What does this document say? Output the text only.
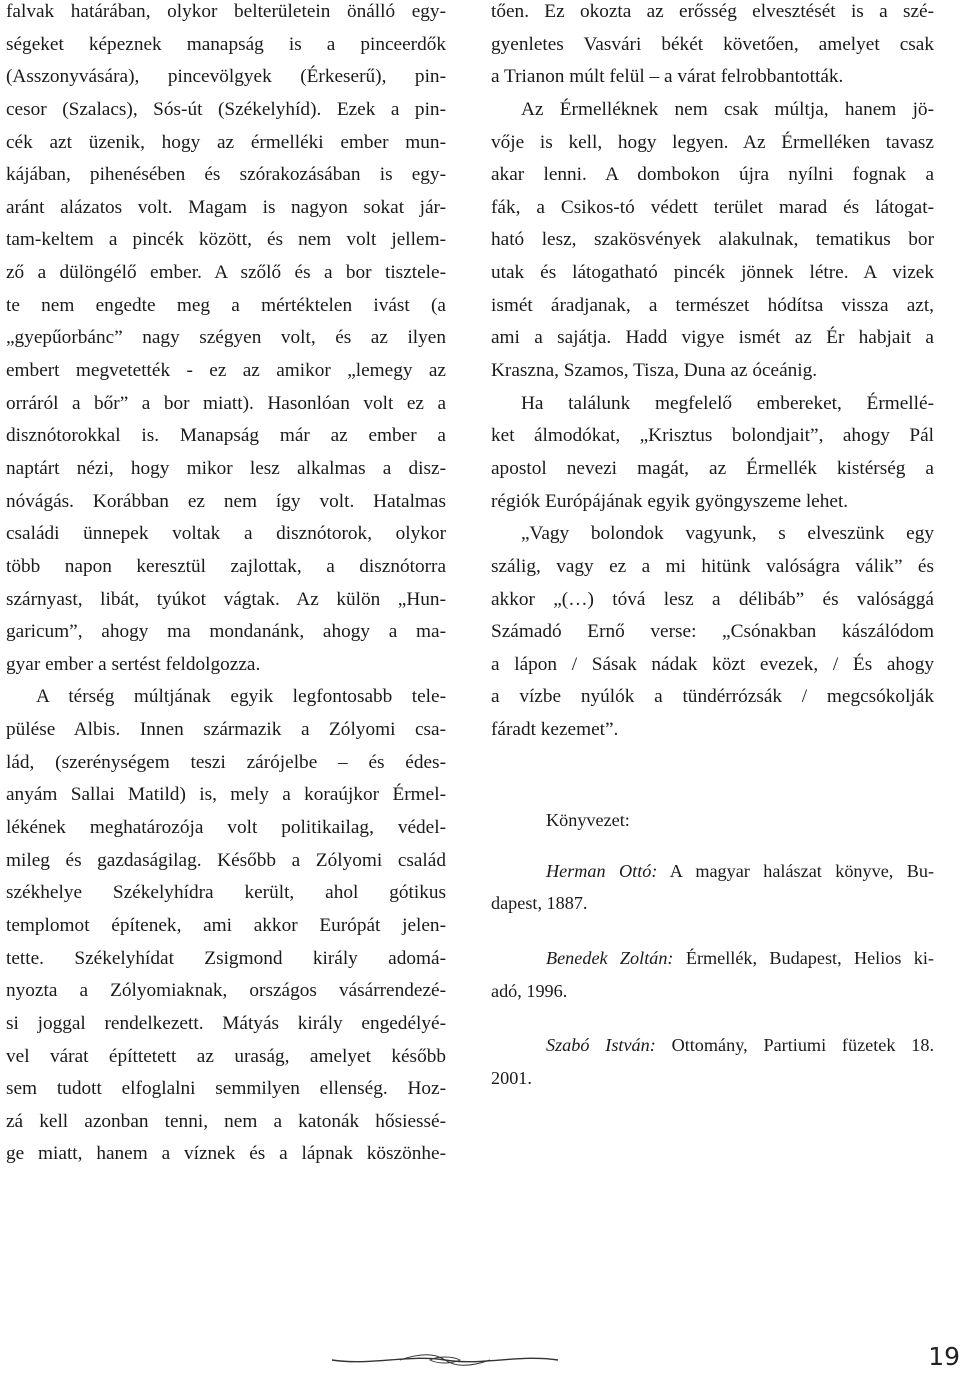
falvak határában, olykor belterületein önálló egy-
ségeket képeznek manapság is a pinceerdők
(Asszonyvására), pincevölgyek (Érkeserű), pin-
cesor (Szalacs), Sós-út (Székelyhíd). Ezek a pin-
cék azt üzenik, hogy az érmelléki ember mun-
kájában, pihenésében és szórakozásában is egy-
aránt alázatos volt. Magam is nagyon sokat jár-
tam-keltem a pincék között, és nem volt jellem-
ző a dülöngélő ember. A szőlő és a bor tisztele-
te nem engedte meg a mértéktelen ivást (a
„gyepűorbánc” nagy szégyen volt, és az ilyen
embert megvetették - ez az amikor „lemegy az
orráról a bőr” a bor miatt). Hasonlóan volt ez a
disznótorokkal is. Manapság már az ember a
naptárt nézi, hogy mikor lesz alkalmas a disz-
nóvágás. Korábban ez nem így volt. Hatalmas
családi ünnepek voltak a disznótorok, olykor
több napon keresztül zajlottak, a disznótorra
szárnyast, libát, tyúkot vágtak. Az külön „Hun-
garicum”, ahogy ma mondanánk, ahogy a ma-
gyar ember a sertést feldolgozza.
A térség múltjának egyik legfontosabb tele-
pülése Albis. Innen származik a Zólyomi csa-
lád, (szerénységem teszi zárójelbe – és édes-
anyám Sallai Matild) is, mely a koraújkor Érmel-
lékének meghatározója volt politikailag, védel-
mileg és gazdaságilag. Később a Zólyomi család
székhelye Székelyhídra került, ahol gótikus
templomot építenek, ami akkor Európát jelen-
tette. Székelyhídat Zsigmond király adomá-
nyozta a Zólyomiaknak, országos vásárrendezé-
si joggal rendelkezett. Mátyás király engedélyé-
vel várat építtetett az uraság, amelyet később
sem tudott elfoglalni semmilyen ellenség. Hoz-
zá kell azonban tenni, nem a katonák hősiessé-
ge miatt, hanem a víznek és a lápnak köszönhe-
tően. Ez okozta az erősség elvesztését is a szé-
gyenletes Vasvári békét követően, amelyet csak
a Trianon múlt felül – a várat felrobbantották.
Az Érmelléknek nem csak múltja, hanem jö-
vője is kell, hogy legyen. Az Érmelléken tavasz
akar lenni. A dombokon újra nyílni fognak a
fák, a Csikos-tó védett terület marad és látogat-
ható lesz, szakösvények alakulnak, tematikus bor
utak és látogatható pincék jönnek létre. A vizek
ismét áradjanak, a természet hódítsa vissza azt,
ami a sajátja. Hadd vigye ismét az Ér habjait a
Kraszna, Szamos, Tisza, Duna az óceánig.
Ha találunk megfelelő embereket, Érmellé-
ket álmodókat, „Krisztus bolondjait”, ahogy Pál
apostol nevezi magát, az Érmellék kistérség a
régiók Európájának egyik gyöngyszeme lehet.
„Vagy bolondok vagyunk, s elveszünk egy
szálig, vagy ez a mi hitünk valóságra válik” és
akkor „(…) tóvá lesz a délibáb” és valósággá
Számadó Ernő verse: „Csónakban kászálódom
a lápon / Sásak nádak közt evezek, / És ahogy
a vízbe nyúlók a tündérrózsák / megcsókolják
fáradt kezemet”.
Könyvezet:
Herman Ottó: A magyar halászat könyve, Bu-
dapest, 1887.
Benedek Zoltán: Érmellék, Budapest, Helios ki-
adó, 1996.
Szabó István: Ottomány, Partiumi füzetek 18.
2001.
19
